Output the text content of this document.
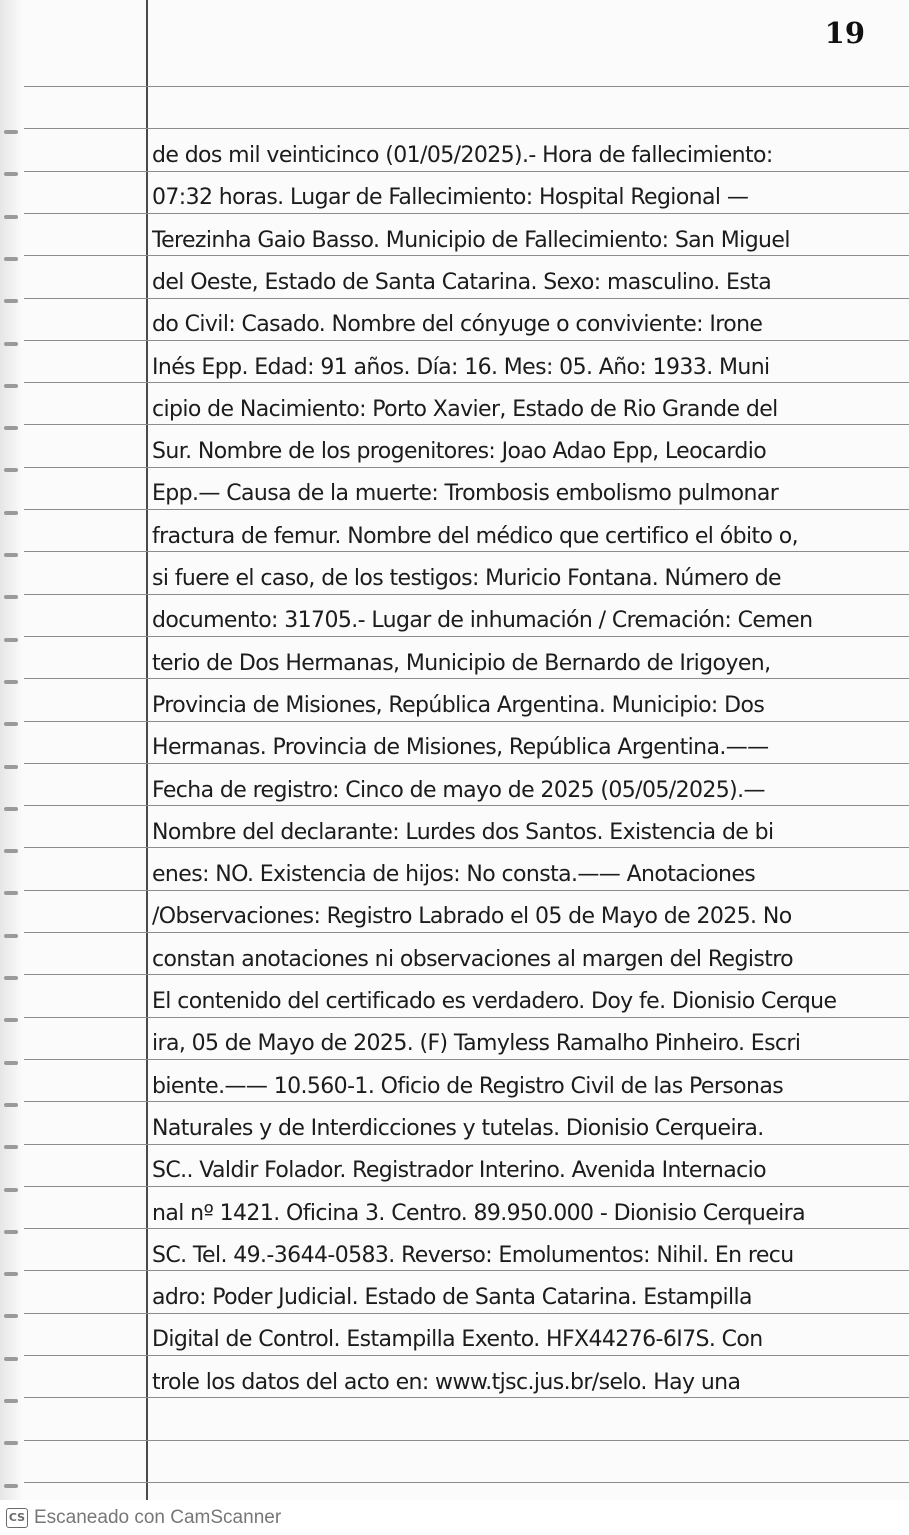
19
de dos mil veinticinco (01/05/2025).- Hora de fallecimiento:
07:32 horas. Lugar de Fallecimiento: Hospital Regional —
Terezinha Gaio Basso. Municipio de Fallecimiento: San Miguel
del Oeste, Estado de Santa Catarina. Sexo: masculino. Esta
do Civil: Casado. Nombre del cónyuge o conviviente: Irone
Inés Epp. Edad: 91 años. Día: 16. Mes: 05. Año: 1933. Muni
cipio de Nacimiento: Porto Xavier, Estado de Rio Grande del
Sur. Nombre de los progenitores: Joao Adao Epp, Leocardio
Epp.— Causa de la muerte: Trombosis embolismo pulmonar
fractura de femur. Nombre del médico que certifico el óbito o,
si fuere el caso, de los testigos: Muricio Fontana. Número de
documento: 31705.- Lugar de inhumación / Cremación: Cemen
terio de Dos Hermanas, Municipio de Bernardo de Irigoyen,
Provincia de Misiones, República Argentina. Municipio: Dos
Hermanas. Provincia de Misiones, República Argentina.——
Fecha de registro: Cinco de mayo de 2025 (05/05/2025).—
Nombre del declarante: Lurdes dos Santos. Existencia de bi
enes: NO. Existencia de hijos: No consta.—— Anotaciones
/Observaciones: Registro Labrado el 05 de Mayo de 2025. No
constan anotaciones ni observaciones al margen del Registro
El contenido del certificado es verdadero. Doy fe. Dionisio Cerque
ira, 05 de Mayo de 2025. (F) Tamyless Ramalho Pinheiro. Escri
biente.—— 10.560-1. Oficio de Registro Civil de las Personas
Naturales y de Interdicciones y tutelas. Dionisio Cerqueira.
SC.. Valdir Folador. Registrador Interino. Avenida Internacio
nal nº 1421. Oficina 3. Centro. 89.950.000 - Dionisio Cerqueira
SC. Tel. 49.-3644-0583. Reverso: Emolumentos: Nihil. En recu
adro: Poder Judicial. Estado de Santa Catarina. Estampilla
Digital de Control. Estampilla Exento. HFX44276-6I7S. Con
trole los datos del acto en: www.tjsc.jus.br/selo. Hay una
CS Escaneado con CamScanner
